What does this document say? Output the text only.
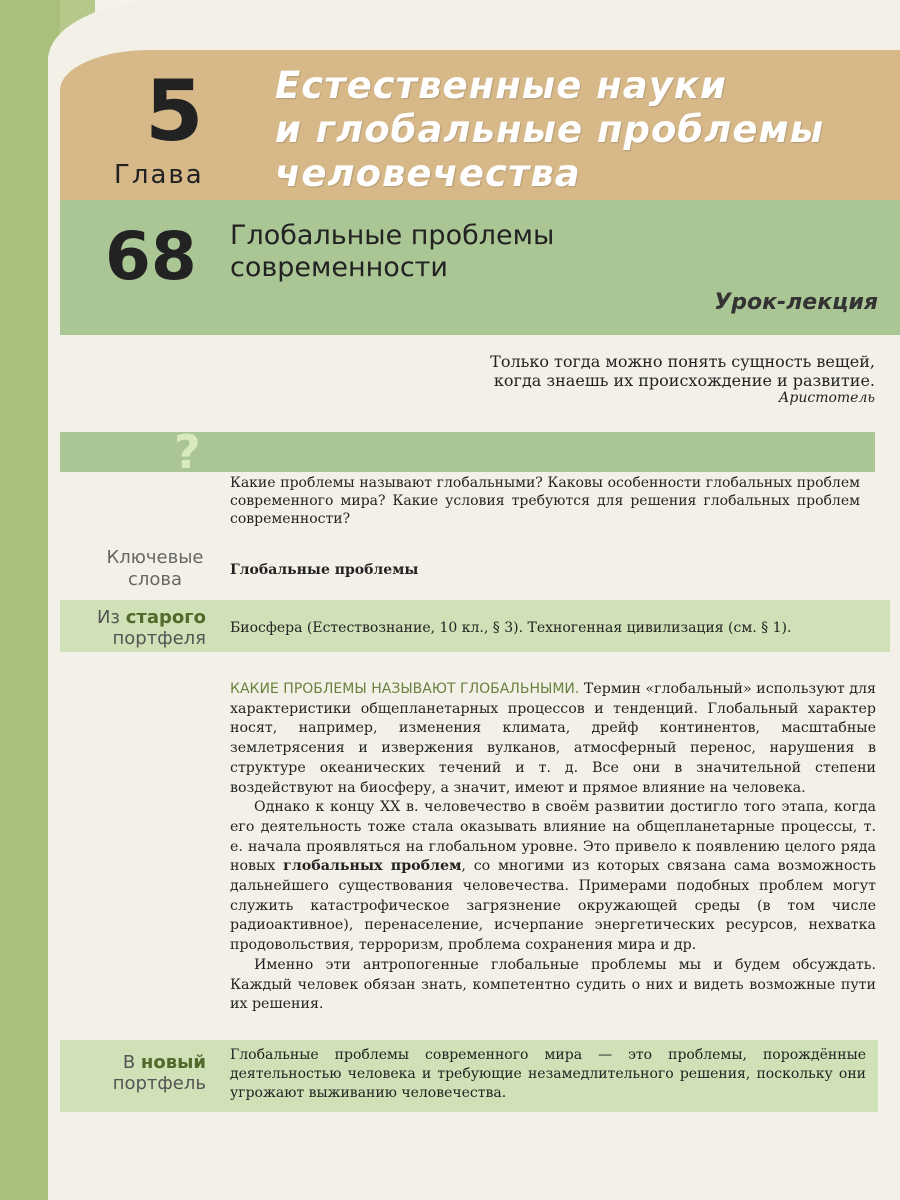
5
Глава
Естественные науки
и глобальные проблемы
человечества
68 Глобальные проблемы
современности
Урок-лекция
Только тогда можно понять сущность вещей,
когда знаешь их происхождение и развитие.
Аристотель
?
Какие проблемы называют глобальными? Каковы особенности глобальных проблем современного мира? Какие условия требуются для решения глобальных проблем современности?
Ключевые
слова	Глобальные проблемы
Из старого
портфеля Биосфера (Естествознание, 10 кл., § 3). Техногенная цивилизация (см. § 1).

КАКИЕ ПРОБЛЕМЫ НАЗЫВАЮТ ГЛОБАЛЬНЫМИ. Термин «глобальный» используют для характеристики общепланетарных процессов и тенденций. Глобальный характер носят, например, изменения климата, дрейф континентов, масштабные землетрясения и извержения вулканов, атмосферный перенос, нарушения в структуре океанических течений и т. д. Все они в значительной степени воздействуют на биосферу, а значит, имеют и прямое влияние на человека.

Однако к концу XX в. человечество в своём развитии достигло того этапа, когда его деятельность тоже стала оказывать влияние на общепланетарные процессы, т. е. начала проявляться на глобальном уровне. Это привело к появлению целого ряда новых глобальных проблем, со многими из которых связана сама возможность дальнейшего существования человечества. Примерами подобных проблем могут служить катастрофическое загрязнение окружающей среды (в том числе радиоактивное), перенаселение, исчерпание энергетических ресурсов, нехватка продовольствия, терроризм, проблема сохранения мира и др.

Именно эти антропогенные глобальные проблемы мы и будем обсуждать. Каждый человек обязан знать, компетентно судить о них и видеть возможные пути их решения.

В новый
портфель
Глобальные проблемы современного мира — это проблемы, порождённые деятельностью человека и требующие незамедлительного решения, поскольку они угрожают выживанию человечества.
